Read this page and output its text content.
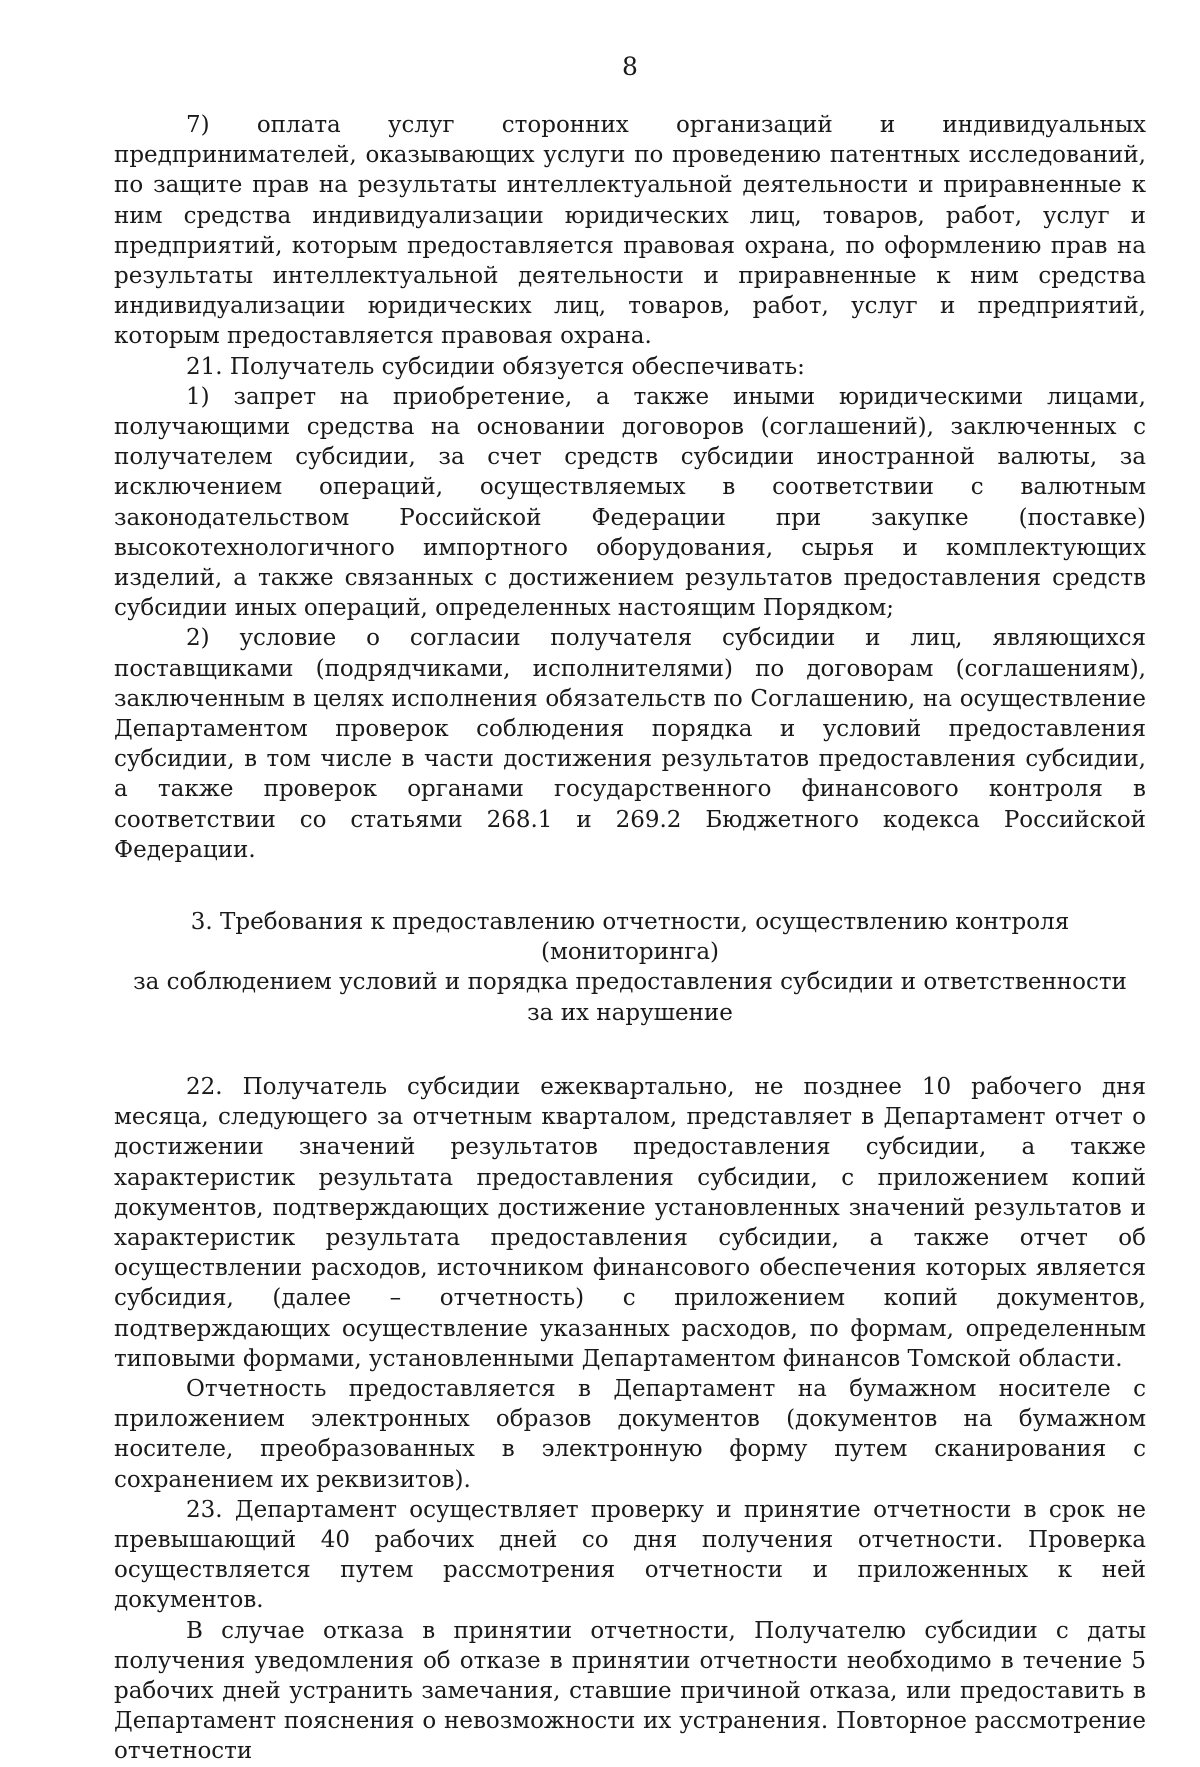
8

7) оплата услуг сторонних организаций и индивидуальных предпринимателей, оказывающих услуги по проведению патентных исследований, по защите прав на результаты интеллектуальной деятельности и приравненные к ним средства индивидуализации юридических лиц, товаров, работ, услуг и предприятий, которым предоставляется правовая охрана, по оформлению прав на результаты интеллектуальной деятельности и приравненные к ним средства индивидуализации юридических лиц, товаров, работ, услуг и предприятий, которым предоставляется правовая охрана.

21. Получатель субсидии обязуется обеспечивать:

1) запрет на приобретение, а также иными юридическими лицами, получающими средства на основании договоров (соглашений), заключенных с получателем субсидии, за счет средств субсидии иностранной валюты, за исключением операций, осуществляемых в соответствии с валютным законодательством Российской Федерации при закупке (поставке) высокотехнологичного импортного оборудования, сырья и комплектующих изделий, а также связанных с достижением результатов предоставления средств субсидии иных операций, определенных настоящим Порядком;

2) условие о согласии получателя субсидии и лиц, являющихся поставщиками (подрядчиками, исполнителями) по договорам (соглашениям), заключенным в целях исполнения обязательств по Соглашению, на осуществление Департаментом проверок соблюдения порядка и условий предоставления субсидии, в том числе в части достижения результатов предоставления субсидии, а также проверок органами государственного финансового контроля в соответствии со статьями 268.1 и 269.2 Бюджетного кодекса Российской Федерации.

3. Требования к предоставлению отчетности, осуществлению контроля (мониторинга)
за соблюдением условий и порядка предоставления субсидии и ответственности
за их нарушение

22. Получатель субсидии ежеквартально, не позднее 10 рабочего дня месяца, следующего за отчетным кварталом, представляет в Департамент отчет о достижении значений результатов предоставления субсидии, а также характеристик результата предоставления субсидии, с приложением копий документов, подтверждающих достижение установленных значений результатов и характеристик результата предоставления субсидии, а также отчет об осуществлении расходов, источником финансового обеспечения которых является субсидия, (далее – отчетность) с приложением копий документов, подтверждающих осуществление указанных расходов, по формам, определенным типовыми формами, установленными Департаментом финансов Томской области.

Отчетность предоставляется в Департамент на бумажном носителе с приложением электронных образов документов (документов на бумажном носителе, преобразованных в электронную форму путем сканирования с сохранением их реквизитов).

23. Департамент осуществляет проверку и принятие отчетности в срок не превышающий 40 рабочих дней со дня получения отчетности. Проверка осуществляется путем рассмотрения отчетности и приложенных к ней документов.

В случае отказа в принятии отчетности, Получателю субсидии с даты получения уведомления об отказе в принятии отчетности необходимо в течение 5 рабочих дней устранить замечания, ставшие причиной отказа, или предоставить в Департамент пояснения о невозможности их устранения. Повторное рассмотрение отчетности
